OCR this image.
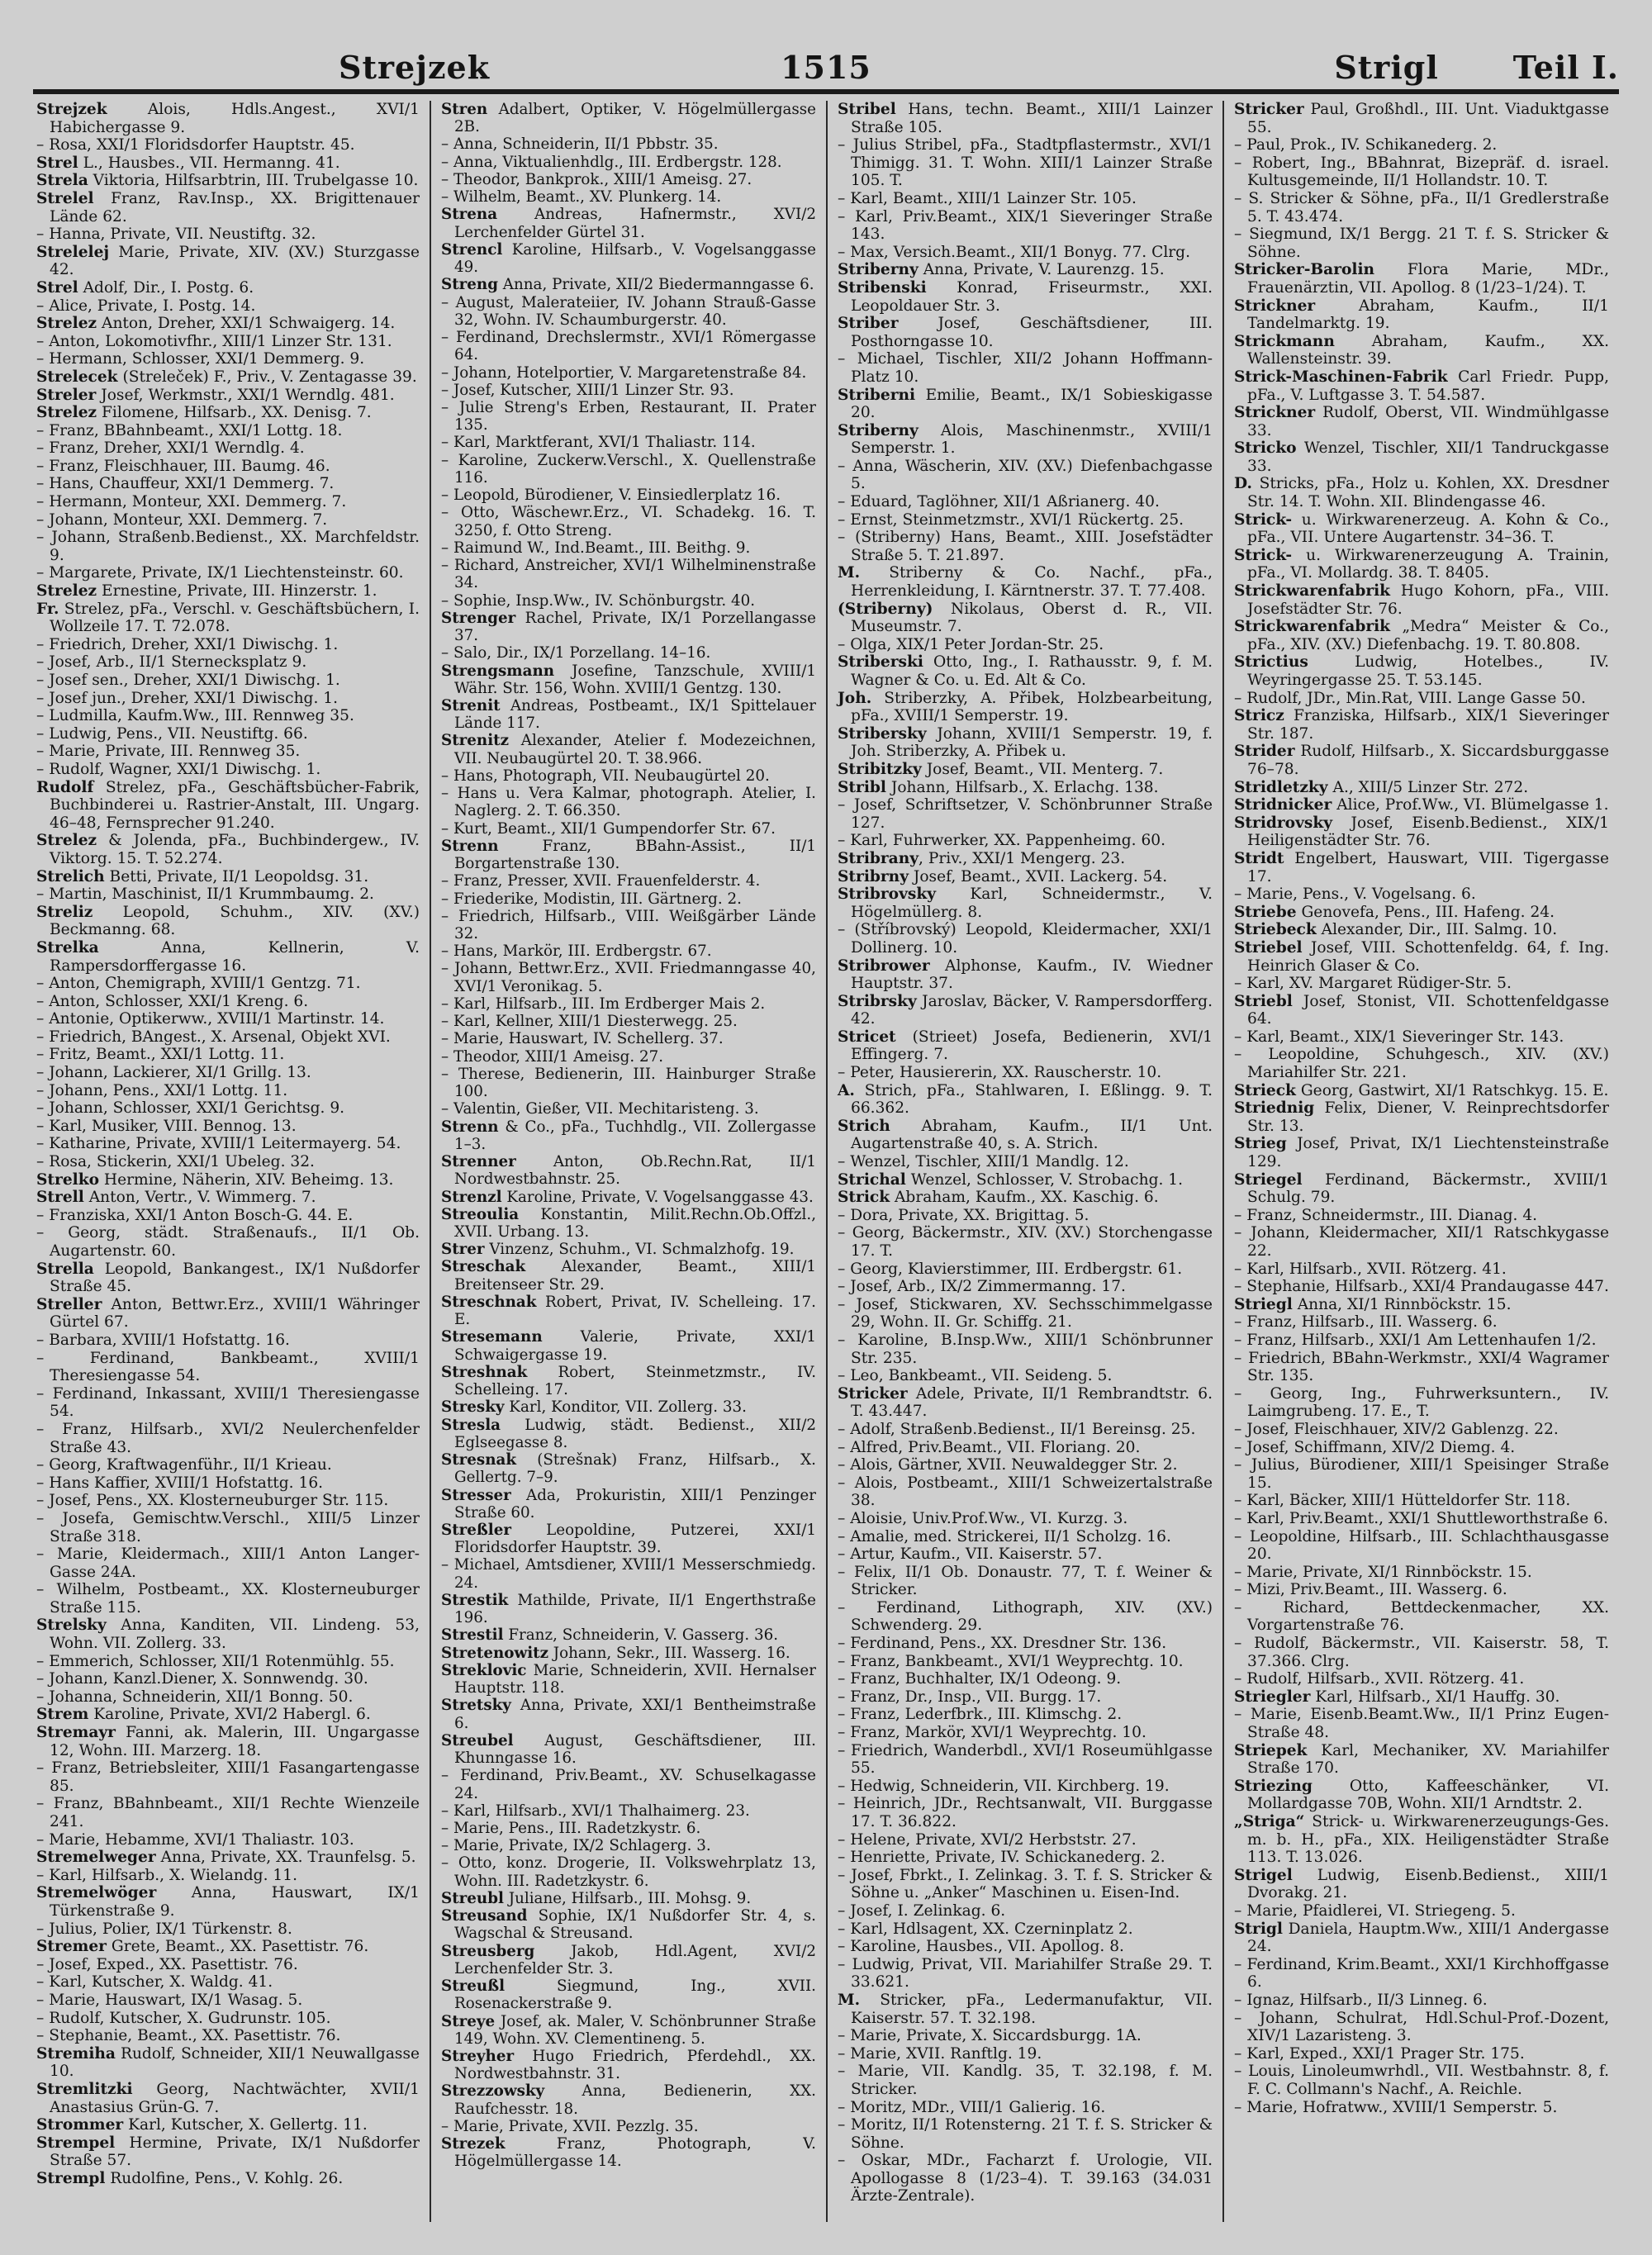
Strejzek	1515	Strigl Teil I.

Strejzek Alois, Hdls.Angest., XVI/1 Habichergasse 9.

– Rosa, XXI/1 Floridsdorfer Hauptstr. 45.

Strel L., Hausbes., VII. Hermanng. 41.

Strela Viktoria, Hilfsarbtrin, III. Trubelgasse 10.

Strelel Franz, Rav.Insp., XX. Brigittenauer Lände 62.

– Hanna, Private, VII. Neustiftg. 32.

Strelelej Marie, Private, XIV. (XV.) Sturzgasse 42.

Strel Adolf, Dir., I. Postg. 6.

– Alice, Private, I. Postg. 14.

Strelez Anton, Dreher, XXI/1 Schwaigerg. 14.

– Anton, Lokomotivfhr., XIII/1 Linzer Str. 131.

– Hermann, Schlosser, XXI/1 Demmerg. 9.

Strelecek (Streleček) F., Priv., V. Zentagasse 39.

Streler Josef, Werkmstr., XXI/1 Werndlg. 481.

Strelez Filomene, Hilfsarb., XX. Denisg. 7.

– Franz, BBahnbeamt., XXI/1 Lottg. 18.

– Franz, Dreher, XXI/1 Werndlg. 4.

– Franz, Fleischhauer, III. Baumg. 46.

– Hans, Chauffeur, XXI/1 Demmerg. 7.

– Hermann, Monteur, XXI. Demmerg. 7.

– Johann, Monteur, XXI. Demmerg. 7.

– Johann, Straßenb.Bedienst., XX. Marchfeldstr. 9.

– Margarete, Private, IX/1 Liechtensteinstr. 60.

Strelez Ernestine, Private, III. Hinzerstr. 1.

Fr. Strelez, pFa., Verschl. v. Geschäftsbüchern, I. Wollzeile 17. T. 72.078.

– Friedrich, Dreher, XXI/1 Diwischg. 1.

– Josef, Arb., II/1 Sternecksplatz 9.

– Josef sen., Dreher, XXI/1 Diwischg. 1.

– Josef jun., Dreher, XXI/1 Diwischg. 1.

– Ludmilla, Kaufm.Ww., III. Rennweg 35.

– Ludwig, Pens., VII. Neustiftg. 66.

– Marie, Private, III. Rennweg 35.

– Rudolf, Wagner, XXI/1 Diwischg. 1.

Rudolf Strelez, pFa., Geschäftsbücher-Fabrik, Buchbinderei u. Rastrier-Anstalt, III. Ungarg. 46–48, Fernsprecher 91.240.

Strelez & Jolenda, pFa., Buchbindergew., IV. Viktorg. 15. T. 52.274.

Strelich Betti, Private, II/1 Leopoldsg. 31.

– Martin, Maschinist, II/1 Krummbaumg. 2.

Streliz Leopold, Schuhm., XIV. (XV.) Beckmanng. 68.

Strelka Anna, Kellnerin, V. Rampersdorffergasse 16.

– Anton, Chemigraph, XVIII/1 Gentzg. 71.

– Anton, Schlosser, XXI/1 Kreng. 6.

– Antonie, Optikerww., XVIII/1 Martinstr. 14.

– Friedrich, BAngest., X. Arsenal, Objekt XVI.

– Fritz, Beamt., XXI/1 Lottg. 11.

– Johann, Lackierer, XI/1 Grillg. 13.

– Johann, Pens., XXI/1 Lottg. 11.

– Johann, Schlosser, XXI/1 Gerichtsg. 9.

– Karl, Musiker, VIII. Bennog. 13.

– Katharine, Private, XVIII/1 Leitermayerg. 54.

– Rosa, Stickerin, XXI/1 Ubeleg. 32.

Strelko Hermine, Näherin, XIV. Beheimg. 13.

Strell Anton, Vertr., V. Wimmerg. 7.

– Franziska, XXI/1 Anton Bosch-G. 44. E.

– Georg, städt. Straßenaufs., II/1 Ob. Augartenstr. 60.

Strella Leopold, Bankangest., IX/1 Nußdorfer Straße 45.

Streller Anton, Bettwr.Erz., XVIII/1 Währinger Gürtel 67.

– Barbara, XVIII/1 Hofstattg. 16.

– Ferdinand, Bankbeamt., XVIII/1 Theresiengasse 54.

– Ferdinand, Inkassant, XVIII/1 Theresiengasse 54.

– Franz, Hilfsarb., XVI/2 Neulerchenfelder Straße 43.

– Georg, Kraftwagenführ., II/1 Krieau.

– Hans Kaffier, XVIII/1 Hofstattg. 16.

– Josef, Pens., XX. Klosterneuburger Str. 115.

– Josefa, Gemischtw.Verschl., XIII/5 Linzer Straße 318.

– Marie, Kleidermach., XIII/1 Anton Langer-Gasse 24A.

– Wilhelm, Postbeamt., XX. Klosterneuburger Straße 115.

Strelsky Anna, Kanditen, VII. Lindeng. 53, Wohn. VII. Zollerg. 33.

– Emmerich, Schlosser, XII/1 Rotenmühlg. 55.

– Johann, Kanzl.Diener, X. Sonnwendg. 30.

– Johanna, Schneiderin, XII/1 Bonng. 50.

Strem Karoline, Private, XVI/2 Habergl. 6.

Stremayr Fanni, ak. Malerin, III. Ungargasse 12, Wohn. III. Marzerg. 18.

– Franz, Betriebsleiter, XIII/1 Fasangartengasse 85.

– Franz, BBahnbeamt., XII/1 Rechte Wienzeile 241.

– Marie, Hebamme, XVI/1 Thaliastr. 103.

Stremelweger Anna, Private, XX. Traunfelsg. 5.

– Karl, Hilfsarb., X. Wielandg. 11.

Stremelwöger Anna, Hauswart, IX/1 Türkenstraße 9.

– Julius, Polier, IX/1 Türkenstr. 8.

Stremer Grete, Beamt., XX. Pasettistr. 76.

– Josef, Exped., XX. Pasettistr. 76.

– Karl, Kutscher, X. Waldg. 41.

– Marie, Hauswart, IX/1 Wasag. 5.

– Rudolf, Kutscher, X. Gudrunstr. 105.

– Stephanie, Beamt., XX. Pasettistr. 76.

Stremiha Rudolf, Schneider, XII/1 Neuwallgasse 10.

Stremlitzki Georg, Nachtwächter, XVII/1 Anastasius Grün-G. 7.

Strommer Karl, Kutscher, X. Gellertg. 11.

Strempel Hermine, Private, IX/1 Nußdorfer Straße 57.

Strempl Rudolfine, Pens., V. Kohlg. 26.

Stren Adalbert, Optiker, V. Högelmüllergasse 2B.

– Anna, Schneiderin, II/1 Pbbstr. 35.

– Anna, Viktualienhdlg., III. Erdbergstr. 128.

– Theodor, Bankprok., XIII/1 Ameisg. 27.

– Wilhelm, Beamt., XV. Plunkerg. 14.

Strena Andreas, Hafnermstr., XVI/2 Lerchenfelder Gürtel 31.

Strencl Karoline, Hilfsarb., V. Vogelsanggasse 49.

Streng Anna, Private, XII/2 Biedermanngasse 6.

– August, Malerateiier, IV. Johann Strauß-Gasse 32, Wohn. IV. Schaumburgerstr. 40.

– Ferdinand, Drechslermstr., XVI/1 Römergasse 64.

– Johann, Hotelportier, V. Margaretenstraße 84.

– Josef, Kutscher, XIII/1 Linzer Str. 93.

– Julie Streng's Erben, Restaurant, II. Prater 135.

– Karl, Marktferant, XVI/1 Thaliastr. 114.

– Karoline, Zuckerw.Verschl., X. Quellenstraße 116.

– Leopold, Bürodiener, V. Einsiedlerplatz 16.

– Otto, Wäschewr.Erz., VI. Schadekg. 16. T. 3250, f. Otto Streng.

– Raimund W., Ind.Beamt., III. Beithg. 9.

– Richard, Anstreicher, XVI/1 Wilhelminenstraße 34.

– Sophie, Insp.Ww., IV. Schönburgstr. 40.

Strenger Rachel, Private, IX/1 Porzellangasse 37.

– Salo, Dir., IX/1 Porzellang. 14–16.

Strengsmann Josefine, Tanzschule, XVIII/1 Währ. Str. 156, Wohn. XVIII/1 Gentzg. 130.

Strenit Andreas, Postbeamt., IX/1 Spittelauer Lände 117.

Strenitz Alexander, Atelier f. Modezeichnen, VII. Neubaugürtel 20. T. 38.966.

– Hans, Photograph, VII. Neubaugürtel 20.

– Hans u. Vera Kalmar, photograph. Atelier, I. Naglerg. 2. T. 66.350.

– Kurt, Beamt., XII/1 Gumpendorfer Str. 67.

Strenn Franz, BBahn-Assist., II/1 Borgartenstraße 130.

– Franz, Presser, XVII. Frauenfelderstr. 4.

– Friederike, Modistin, III. Gärtnerg. 2.

– Friedrich, Hilfsarb., VIII. Weißgärber Lände 32.

– Hans, Markör, III. Erdbergstr. 67.

– Johann, Bettwr.Erz., XVII. Friedmanngasse 40, XVI/1 Veronikag. 5.

– Karl, Hilfsarb., III. Im Erdberger Mais 2.

– Karl, Kellner, XIII/1 Diesterwegg. 25.

– Marie, Hauswart, IV. Schellerg. 37.

– Theodor, XIII/1 Ameisg. 27.

– Therese, Bedienerin, III. Hainburger Straße 100.

– Valentin, Gießer, VII. Mechitaristeng. 3.

Strenn & Co., pFa., Tuchhdlg., VII. Zollergasse 1–3.

Strenner Anton, Ob.Rechn.Rat, II/1 Nordwestbahnstr. 25.

Strenzl Karoline, Private, V. Vogelsanggasse 43.

Streoulia Konstantin, Milit.Rechn.Ob.Offzl., XVII. Urbang. 13.

Strer Vinzenz, Schuhm., VI. Schmalzhofg. 19.

Streschak Alexander, Beamt., XIII/1 Breitenseer Str. 29.

Streschnak Robert, Privat, IV. Schelleing. 17. E.

Stresemann Valerie, Private, XXI/1 Schwaigergasse 19.

Streshnak Robert, Steinmetzmstr., IV. Schelleing. 17.

Stresky Karl, Konditor, VII. Zollerg. 33.

Stresla Ludwig, städt. Bedienst., XII/2 Eglseegasse 8.

Stresnak (Strešnak) Franz, Hilfsarb., X. Gellertg. 7–9.

Stresser Ada, Prokuristin, XIII/1 Penzinger Straße 60.

Streßler Leopoldine, Putzerei, XXI/1 Floridsdorfer Hauptstr. 39.

– Michael, Amtsdiener, XVIII/1 Messerschmiedg. 24.

Strestik Mathilde, Private, II/1 Engerthstraße 196.

Strestil Franz, Schneiderin, V. Gasserg. 36.

Stretenowitz Johann, Sekr., III. Wasserg. 16.

Streklovic Marie, Schneiderin, XVII. Hernalser Hauptstr. 118.

Stretsky Anna, Private, XXI/1 Bentheimstraße 6.

Streubel August, Geschäftsdiener, III. Khunngasse 16.

– Ferdinand, Priv.Beamt., XV. Schuselkagasse 24.

– Karl, Hilfsarb., XVI/1 Thalhaimerg. 23.

– Marie, Pens., III. Radetzkystr. 6.

– Marie, Private, IX/2 Schlagerg. 3.

– Otto, konz. Drogerie, II. Volkswehrplatz 13, Wohn. III. Radetzkystr. 6.

Streubl Juliane, Hilfsarb., III. Mohsg. 9.

Streusand Sophie, IX/1 Nußdorfer Str. 4, s. Wagschal & Streusand.

Streusberg Jakob, Hdl.Agent, XVI/2 Lerchenfelder Str. 3.

Streußl Siegmund, Ing., XVII. Rosenackerstraße 9.

Streye Josef, ak. Maler, V. Schönbrunner Straße 149, Wohn. XV. Clementineng. 5.

Streyher Hugo Friedrich, Pferdehdl., XX. Nordwestbahnstr. 31.

Strezzowsky Anna, Bedienerin, XX. Raufchesstr. 18.

– Marie, Private, XVII. Pezzlg. 35.

Strezek Franz, Photograph, V. Högelmüllergasse 14.

Stribel Hans, techn. Beamt., XIII/1 Lainzer Straße 105.

– Julius Stribel, pFa., Stadtpflastermstr., XVI/1 Thimigg. 31. T. Wohn. XIII/1 Lainzer Straße 105. T.

– Karl, Beamt., XIII/1 Lainzer Str. 105.

– Karl, Priv.Beamt., XIX/1 Sieveringer Straße 143.

– Max, Versich.Beamt., XII/1 Bonyg. 77. Clrg.

Striberny Anna, Private, V. Laurenzg. 15.

Stribenski Konrad, Friseurmstr., XXI. Leopoldauer Str. 3.

Striber Josef, Geschäftsdiener, III. Posthorngasse 10.

– Michael, Tischler, XII/2 Johann Hoffmann-Platz 10.

Striberni Emilie, Beamt., IX/1 Sobieskigasse 20.

Striberny Alois, Maschinenmstr., XVIII/1 Semperstr. 1.

– Anna, Wäscherin, XIV. (XV.) Diefenbachgasse 5.

– Eduard, Taglöhner, XII/1 Aßrianerg. 40.

– Ernst, Steinmetzmstr., XVI/1 Rückertg. 25.

– (Striberny) Hans, Beamt., XIII. Josefstädter Straße 5. T. 21.897.

M. Striberny & Co. Nachf., pFa., Herrenkleidung, I. Kärntnerstr. 37. T. 77.408.

(Striberny) Nikolaus, Oberst d. R., VII. Museumstr. 7.

– Olga, XIX/1 Peter Jordan-Str. 25.

Striberski Otto, Ing., I. Rathausstr. 9, f. M. Wagner & Co. u. Ed. Alt & Co.

Joh. Striberzky, A. Přibek, Holzbearbeitung, pFa., XVIII/1 Semperstr. 19.

Stribersky Johann, XVIII/1 Semperstr. 19, f. Joh. Striberzky, A. Přibek u.

Stribitzky Josef, Beamt., VII. Menterg. 7.

Stribl Johann, Hilfsarb., X. Erlachg. 138.

– Josef, Schriftsetzer, V. Schönbrunner Straße 127.

– Karl, Fuhrwerker, XX. Pappenheimg. 60.

Stribrany, Priv., XXI/1 Mengerg. 23.

Stribrny Josef, Beamt., XVII. Lackerg. 54.

Stribrovsky Karl, Schneidermstr., V. Högelmüllerg. 8.

– (Stříbrovský) Leopold, Kleidermacher, XXI/1 Dollinerg. 10.

Stribrower Alphonse, Kaufm., IV. Wiedner Hauptstr. 37.

Stribrsky Jaroslav, Bäcker, V. Rampersdorfferg. 42.

Stricet (Strieet) Josefa, Bedienerin, XVI/1 Effingerg. 7.

– Peter, Hausiererin, XX. Rauscherstr. 10.

A. Strich, pFa., Stahlwaren, I. Eßlingg. 9. T. 66.362.

Strich Abraham, Kaufm., II/1 Unt. Augartenstraße 40, s. A. Strich.

– Wenzel, Tischler, XIII/1 Mandlg. 12.

Strichal Wenzel, Schlosser, V. Strobachg. 1.

Strick Abraham, Kaufm., XX. Kaschig. 6.

– Dora, Private, XX. Brigittag. 5.

– Georg, Bäckermstr., XIV. (XV.) Storchengasse 17. T.

– Georg, Klavierstimmer, III. Erdbergstr. 61.

– Josef, Arb., IX/2 Zimmermanng. 17.

– Josef, Stickwaren, XV. Sechsschimmelgasse 29, Wohn. II. Gr. Schiffg. 21.

– Karoline, B.Insp.Ww., XIII/1 Schönbrunner Str. 235.

– Leo, Bankbeamt., VII. Seideng. 5.

Stricker Adele, Private, II/1 Rembrandtstr. 6. T. 43.447.

– Adolf, Straßenb.Bedienst., II/1 Bereinsg. 25.

– Alfred, Priv.Beamt., VII. Floriang. 20.

– Alois, Gärtner, XVII. Neuwaldegger Str. 2.

– Alois, Postbeamt., XIII/1 Schweizertalstraße 38.

– Aloisie, Univ.Prof.Ww., VI. Kurzg. 3.

– Amalie, med. Strickerei, II/1 Scholzg. 16.

– Artur, Kaufm., VII. Kaiserstr. 57.

– Felix, II/1 Ob. Donaustr. 77, T. f. Weiner & Stricker.

– Ferdinand, Lithograph, XIV. (XV.) Schwenderg. 29.

– Ferdinand, Pens., XX. Dresdner Str. 136.

– Franz, Bankbeamt., XVI/1 Weyprechtg. 10.

– Franz, Buchhalter, IX/1 Odeong. 9.

– Franz, Dr., Insp., VII. Burgg. 17.

– Franz, Lederfbrk., III. Klimschg. 2.

– Franz, Markör, XVI/1 Weyprechtg. 10.

– Friedrich, Wanderbdl., XVI/1 Roseumühlgasse 55.

– Hedwig, Schneiderin, VII. Kirchberg. 19.

– Heinrich, JDr., Rechtsanwalt, VII. Burggasse 17. T. 36.822.

– Helene, Private, XVI/2 Herbststr. 27.

– Henriette, Private, IV. Schickanederg. 2.

– Josef, Fbrkt., I. Zelinkag. 3. T. f. S. Stricker & Söhne u. „Anker“ Maschinen u. Eisen-Ind.

– Josef, I. Zelinkag. 6.

– Karl, Hdlsagent, XX. Czerninplatz 2.

– Karoline, Hausbes., VII. Apollog. 8.

– Ludwig, Privat, VII. Mariahilfer Straße 29. T. 33.621.

M. Stricker, pFa., Ledermanufaktur, VII. Kaiserstr. 57. T. 32.198.

– Marie, Private, X. Siccardsburgg. 1A.

– Marie, XVII. Ranftlg. 19.

– Marie, VII. Kandlg. 35, T. 32.198, f. M. Stricker.

– Moritz, MDr., VIII/1 Galierig. 16.

– Moritz, II/1 Rotensterng. 21 T. f. S. Stricker & Söhne.

– Oskar, MDr., Facharzt f. Urologie, VII. Apollogasse 8 (1/23–4). T. 39.163 (34.031 Ärzte-Zentrale).

Stricker Paul, Großhdl., III. Unt. Viaduktgasse 55.

– Paul, Prok., IV. Schikanederg. 2.

– Robert, Ing., BBahnrat, Bizepräf. d. israel. Kultusgemeinde, II/1 Hollandstr. 10. T.

– S. Stricker & Söhne, pFa., II/1 Gredlerstraße 5. T. 43.474.

– Siegmund, IX/1 Bergg. 21 T. f. S. Stricker & Söhne.

Stricker-Barolin Flora Marie, MDr., Frauenärztin, VII. Apollog. 8 (1/23–1/24). T.

Strickner Abraham, Kaufm., II/1 Tandelmarktg. 19.

Strickmann Abraham, Kaufm., XX. Wallensteinstr. 39.

Strick-Maschinen-Fabrik Carl Friedr. Pupp, pFa., V. Luftgasse 3. T. 54.587.

Strickner Rudolf, Oberst, VII. Windmühlgasse 33.

Stricko Wenzel, Tischler, XII/1 Tandruckgasse 33.

D. Stricks, pFa., Holz u. Kohlen, XX. Dresdner Str. 14. T. Wohn. XII. Blindengasse 46.

Strick- u. Wirkwarenerzeug. A. Kohn & Co., pFa., VII. Untere Augartenstr. 34–36. T.

Strick- u. Wirkwarenerzeugung A. Trainin, pFa., VI. Mollardg. 38. T. 8405.

Strickwarenfabrik Hugo Kohorn, pFa., VIII. Josefstädter Str. 76.

Strickwarenfabrik „Medra“ Meister & Co., pFa., XIV. (XV.) Diefenbachg. 19. T. 80.808.

Strictius Ludwig, Hotelbes., IV. Weyringergasse 25. T. 53.145.

– Rudolf, JDr., Min.Rat, VIII. Lange Gasse 50.

Stricz Franziska, Hilfsarb., XIX/1 Sieveringer Str. 187.

Strider Rudolf, Hilfsarb., X. Siccardsburggasse 76–78.

Stridletzky A., XIII/5 Linzer Str. 272.

Stridnicker Alice, Prof.Ww., VI. Blümelgasse 1.

Stridrovsky Josef, Eisenb.Bedienst., XIX/1 Heiligenstädter Str. 76.

Stridt Engelbert, Hauswart, VIII. Tigergasse 17.

– Marie, Pens., V. Vogelsang. 6.

Striebe Genovefa, Pens., III. Hafeng. 24.

Striebeck Alexander, Dir., III. Salmg. 10.

Striebel Josef, VIII. Schottenfeldg. 64, f. Ing. Heinrich Glaser & Co.

– Karl, XV. Margaret Rüdiger-Str. 5.

Striebl Josef, Stonist, VII. Schottenfeldgasse 64.

– Karl, Beamt., XIX/1 Sieveringer Str. 143.

– Leopoldine, Schuhgesch., XIV. (XV.) Mariahilfer Str. 221.

Strieck Georg, Gastwirt, XI/1 Ratschkyg. 15. E.

Striednig Felix, Diener, V. Reinprechtsdorfer Str. 13.

Strieg Josef, Privat, IX/1 Liechtensteinstraße 129.

Striegel Ferdinand, Bäckermstr., XVIII/1 Schulg. 79.

– Franz, Schneidermstr., III. Dianag. 4.

– Johann, Kleidermacher, XII/1 Ratschkygasse 22.

– Karl, Hilfsarb., XVII. Rötzerg. 41.

– Stephanie, Hilfsarb., XXI/4 Prandaugasse 447.

Striegl Anna, XI/1 Rinnböckstr. 15.

– Franz, Hilfsarb., III. Wasserg. 6.

– Franz, Hilfsarb., XXI/1 Am Lettenhaufen 1/2.

– Friedrich, BBahn-Werkmstr., XXI/4 Wagramer Str. 135.

– Georg, Ing., Fuhrwerksuntern., IV. Laimgrubeng. 17. E., T.

– Josef, Fleischhauer, XIV/2 Gablenzg. 22.

– Josef, Schiffmann, XIV/2 Diemg. 4.

– Julius, Bürodiener, XIII/1 Speisinger Straße 15.

– Karl, Bäcker, XIII/1 Hütteldorfer Str. 118.

– Karl, Priv.Beamt., XXI/1 Shuttleworthstraße 6.

– Leopoldine, Hilfsarb., III. Schlachthausgasse 20.

– Marie, Private, XI/1 Rinnböckstr. 15.

– Mizi, Priv.Beamt., III. Wasserg. 6.

– Richard, Bettdeckenmacher, XX. Vorgartenstraße 76.

– Rudolf, Bäckermstr., VII. Kaiserstr. 58, T. 37.366. Clrg.

– Rudolf, Hilfsarb., XVII. Rötzerg. 41.

Striegler Karl, Hilfsarb., XI/1 Hauffg. 30.

– Marie, Eisenb.Beamt.Ww., II/1 Prinz Eugen-Straße 48.

Striepek Karl, Mechaniker, XV. Mariahilfer Straße 170.

Striezing Otto, Kaffeeschänker, VI. Mollardgasse 70B, Wohn. XII/1 Arndtstr. 2.

„Striga“ Strick- u. Wirkwarenerzeugungs-Ges. m. b. H., pFa., XIX. Heiligenstädter Straße 113. T. 13.026.

Strigel Ludwig, Eisenb.Bedienst., XIII/1 Dvorakg. 21.

– Marie, Pfaidlerei, VI. Striegeng. 5.

Strigl Daniela, Hauptm.Ww., XIII/1 Andergasse 24.

– Ferdinand, Krim.Beamt., XXI/1 Kirchhoffgasse 6.

– Ignaz, Hilfsarb., II/3 Linneg. 6.

– Johann, Schulrat, Hdl.Schul-Prof.-Dozent, XIV/1 Lazaristeng. 3.

– Karl, Exped., XXI/1 Prager Str. 175.

– Louis, Linoleumwrhdl., VII. Westbahnstr. 8, f. F. C. Collmann's Nachf., A. Reichle.

– Marie, Hofratww., XVIII/1 Semperstr. 5.
